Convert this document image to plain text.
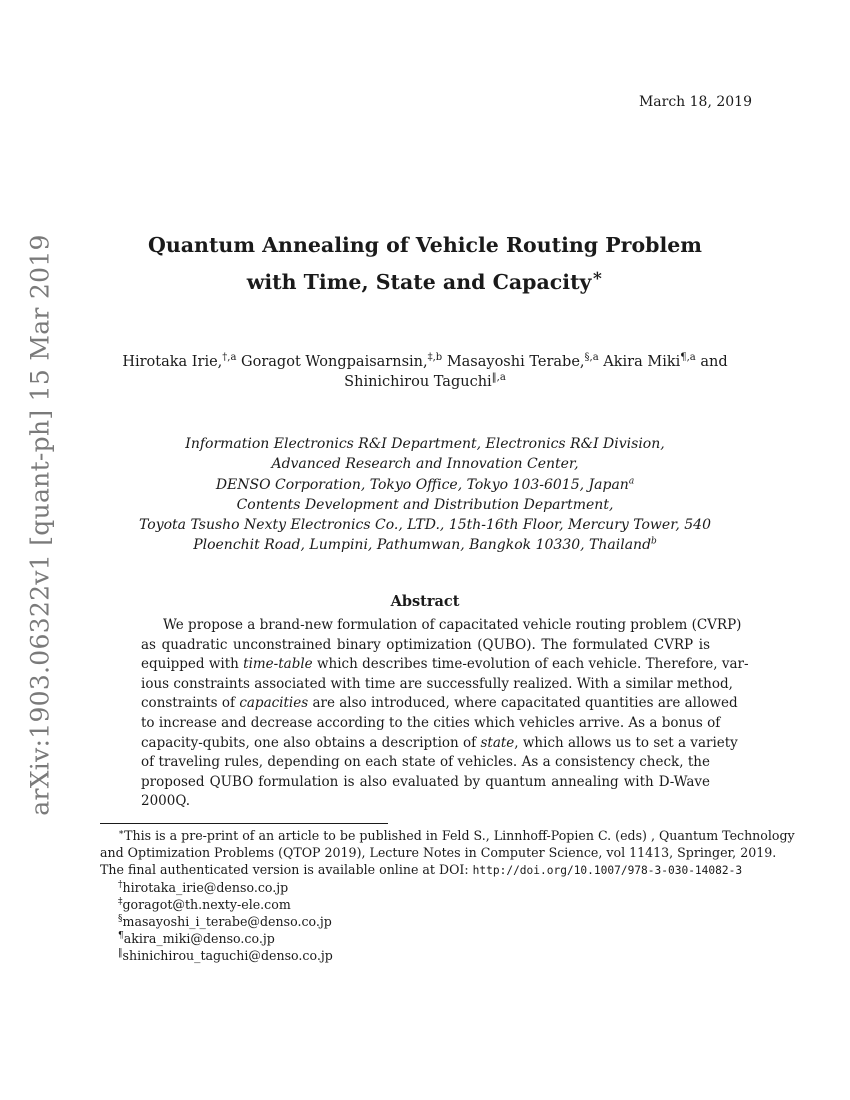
arXiv:1903.06322v1 [quant-ph] 15 Mar 2019
March 18, 2019
Quantum Annealing of Vehicle Routing Problem
with Time, State and Capacity∗
Hirotaka Irie,$^{\dagger,a}$ Goragot Wongpaisarnsin,$^{\ddagger,b}$ Masayoshi Terabe,$^{\S,a}$ Akira Miki$^{\P,a}$ and
Shinichirou Taguchi$^{‖,a}$
Information Electronics R&I Department, Electronics R&I Division,
Advanced Research and Innovation Center,
DENSO Corporation, Tokyo Office, Tokyo 103-6015, Japan$^a$
Contents Development and Distribution Department,
Toyota Tsusho Nexty Electronics Co., LTD., 15th-16th Floor, Mercury Tower, 540
Ploenchit Road, Lumpini, Pathumwan, Bangkok 10330, Thailand$^b$
Abstract
We propose a brand-new formulation of capacitated vehicle routing problem (CVRP)
as quadratic unconstrained binary optimization (QUBO). The formulated CVRP is
equipped with time-table which describes time-evolution of each vehicle. Therefore, var-
ious constraints associated with time are successfully realized. With a similar method,
constraints of capacities are also introduced, where capacitated quantities are allowed
to increase and decrease according to the cities which vehicles arrive. As a bonus of
capacity-qubits, one also obtains a description of state, which allows us to set a variety
of traveling rules, depending on each state of vehicles. As a consistency check, the
proposed QUBO formulation is also evaluated by quantum annealing with D-Wave
2000Q.
∗This is a pre-print of an article to be published in Feld S., Linnhoff-Popien C. (eds) , Quantum Technology
and Optimization Problems (QTOP 2019), Lecture Notes in Computer Science, vol 11413, Springer, 2019.
The final authenticated version is available online at DOI: http://doi.org/10.1007/978-3-030-14082-3
†hirotaka_irie@denso.co.jp
‡goragot@th.nexty-ele.com
§masayoshi_i_terabe@denso.co.jp
¶akira_miki@denso.co.jp
‖shinichirou_taguchi@denso.co.jp
